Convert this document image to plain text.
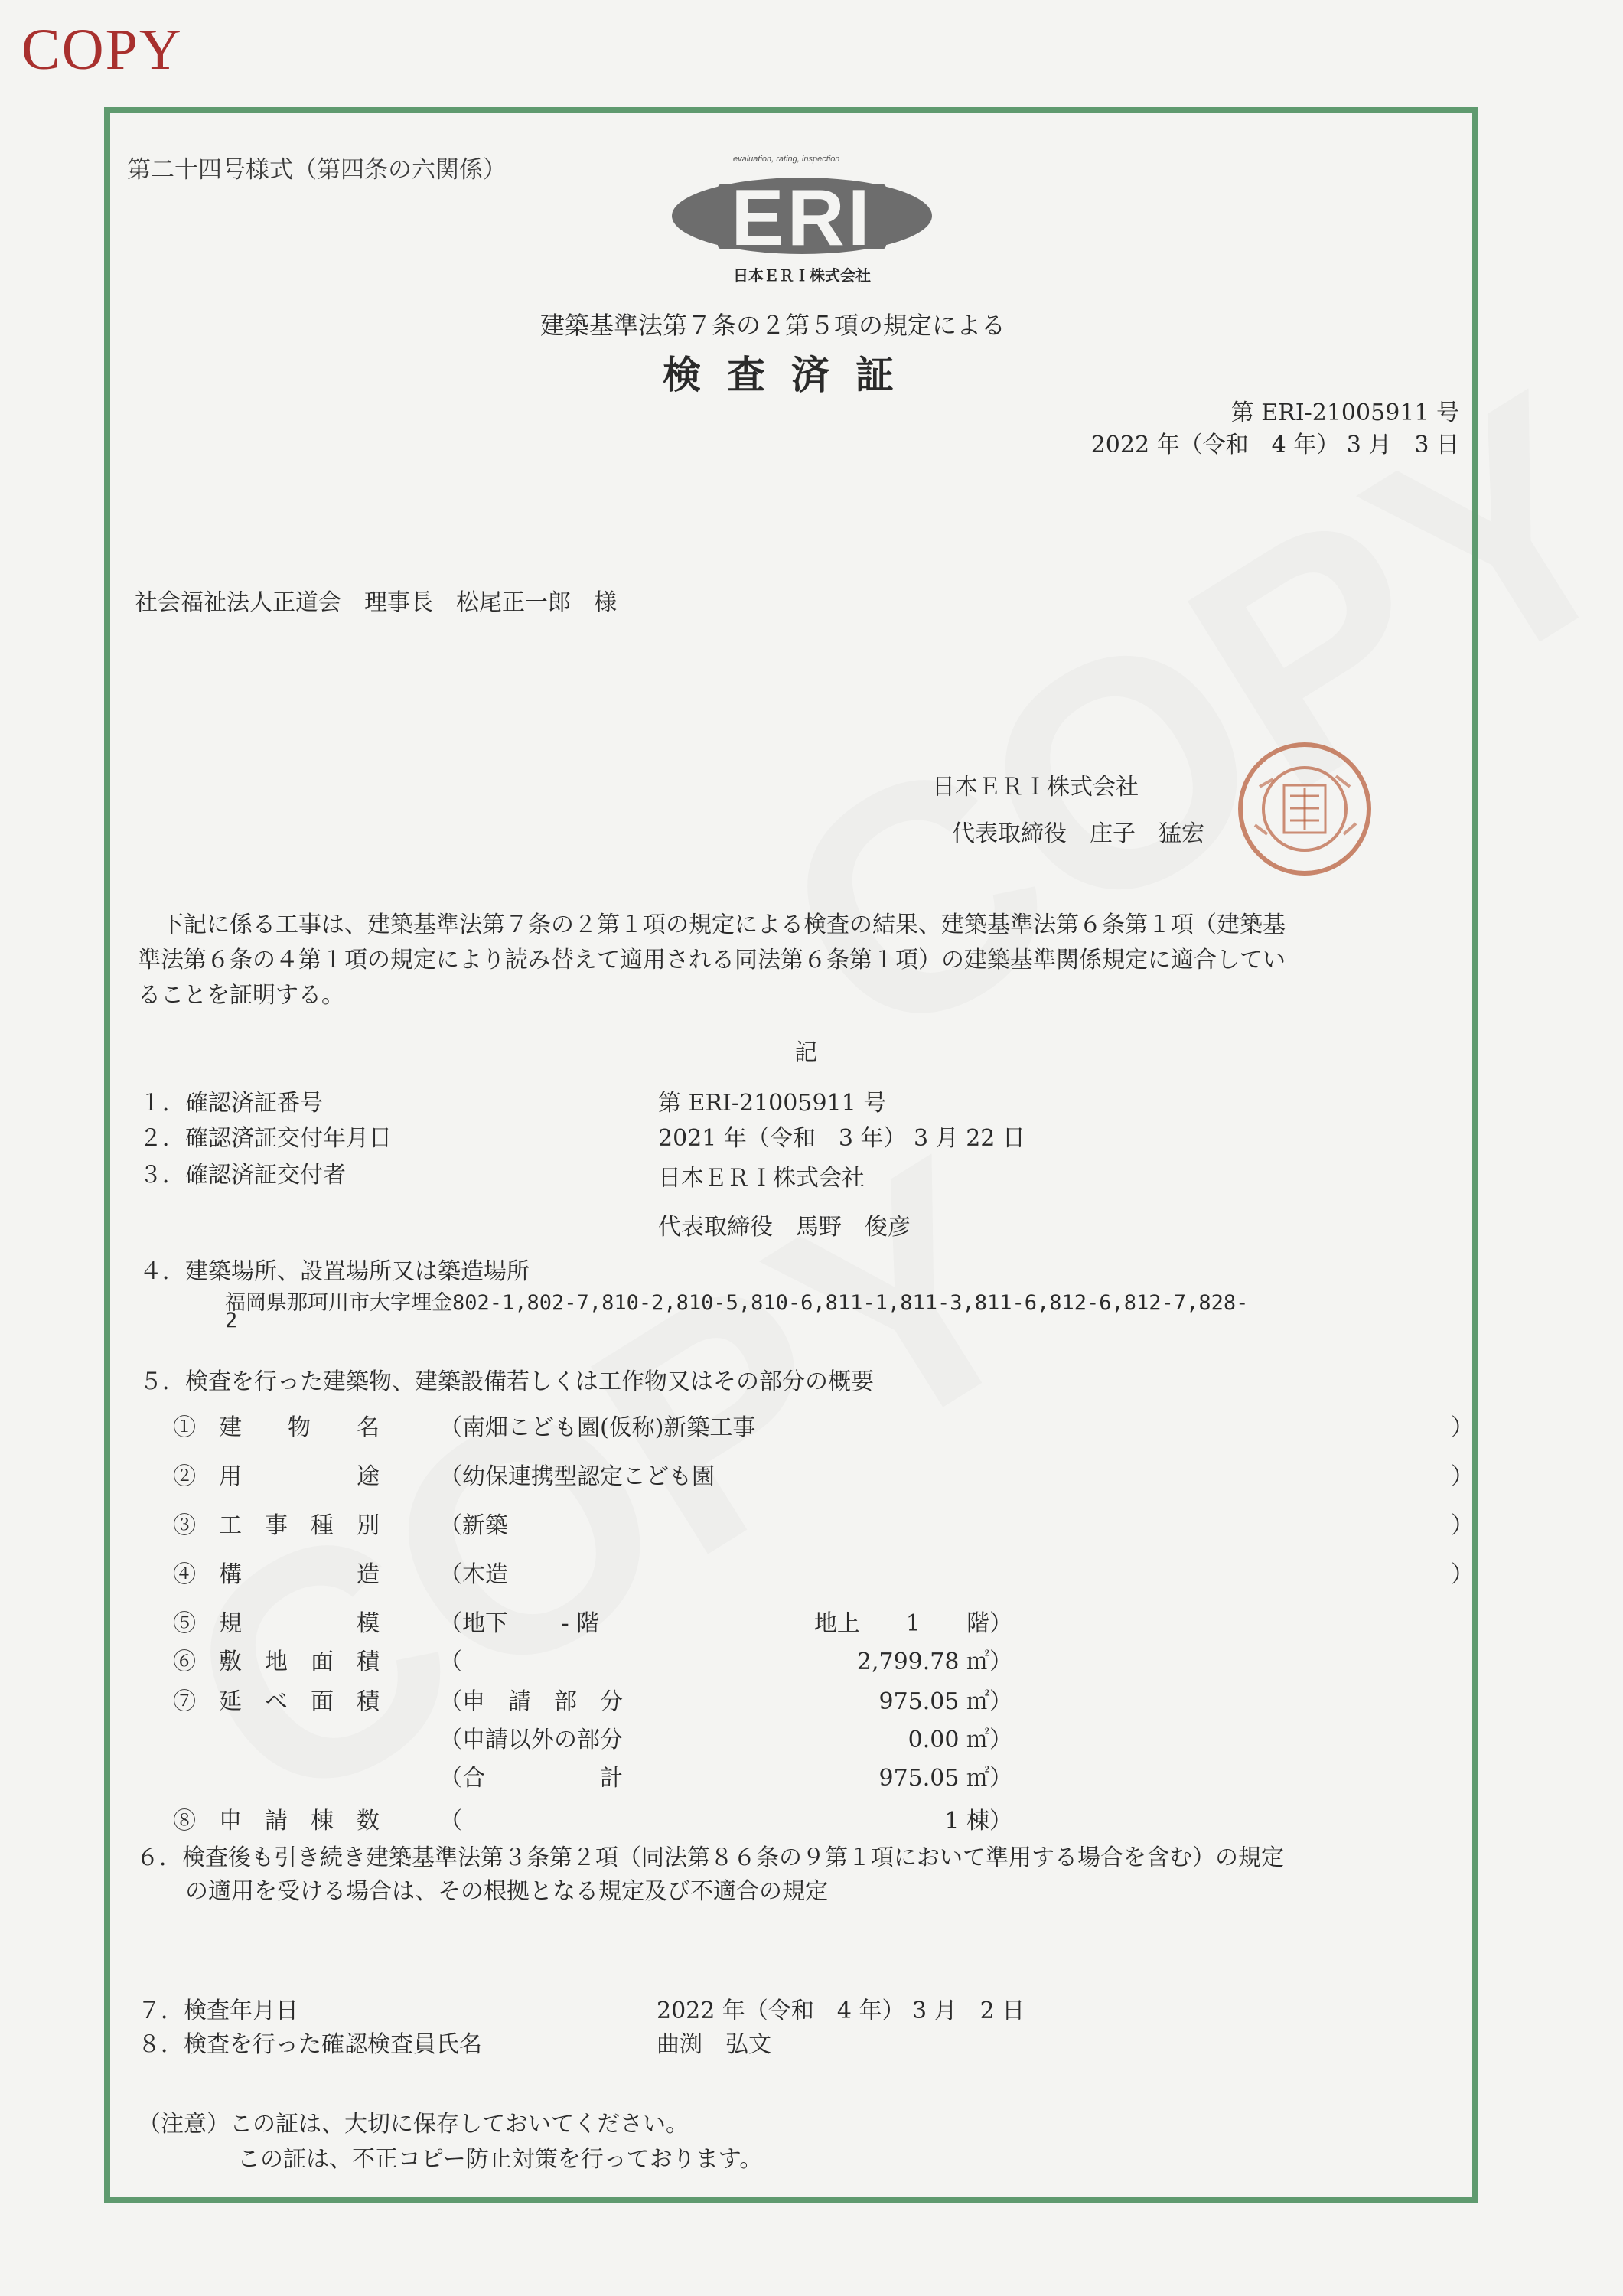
COPY
第二十四号様式（第四条の六関係）	evaluation, rating, inspection
ERI
日本ＥＲＩ株式会社
建築基準法第７条の２第５項の規定による
検査済証
第 ERI-21005911 号
2022 年（令和　4 年） 3 月　3 日
社会福祉法人正道会　理事長　松尾正一郎　様
日本ＥＲＩ株式会社
代表取締役　庄子　猛宏
　下記に係る工事は、建築基準法第７条の２第１項の規定による検査の結果、建築基準法第６条第１項（建築基
準法第６条の４第１項の規定により読み替えて適用される同法第６条第１項）の建築基準関係規定に適合してい
ることを証明する。
記
１．確認済証番号	第 ERI-21005911 号
２．確認済証交付年月日	2021 年（令和　3 年） 3 月 22 日
３．確認済証交付者	日本ＥＲＩ株式会社
代表取締役　馬野　俊彦
４．建築場所、設置場所又は築造場所
福岡県那珂川市大字埋金802-1,802-7,810-2,810-5,810-6,811-1,811-3,811-6,812-6,812-7,828-
2
５．検査を行った建築物、建築設備若しくは工作物又はその部分の概要
①　建　　物　　名	（南畑こども園(仮称)新築工事	）
②　用　　　　　途	（幼保連携型認定こども園	）
③　工　事　種　別	（新築	）
④　構　　　　　造	（木造	）
⑤　規　　　　　模	（地下　　 - 階	地上　　1　　階）
⑥　敷　地　面　積	（	2,799.78 ㎡）
⑦　延　べ　面　積	（申　請　部　分	975.05 ㎡）
（申請以外の部分	0.00 ㎡）
（合　　　　　計	975.05 ㎡）
⑧　申　請　棟　数	（	1 棟）
６．検査後も引き続き建築基準法第３条第２項（同法第８６条の９第１項において準用する場合を含む）の規定
の適用を受ける場合は、その根拠となる規定及び不適合の規定
７．検査年月日	2022 年（令和　4 年） 3 月　2 日
８．検査を行った確認検査員氏名	曲渕　弘文
（注意）この証は、大切に保存しておいてください。
この証は、不正コピー防止対策を行っております。
